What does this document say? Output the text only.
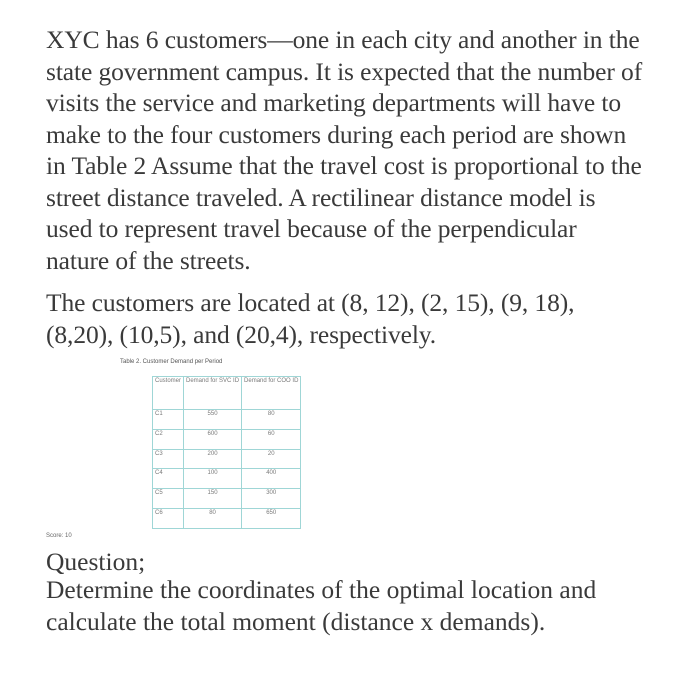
XYC has 6 customers—one in each city and another in the state government campus. It is expected that the number of visits the service and marketing departments will have to make to the four customers during each period are shown in Table 2 Assume that the travel cost is proportional to the street distance traveled. A rectilinear distance model is used to represent travel because of the perpendicular nature of the streets.

The customers are located at (8, 12), (2, 15), (9, 18), (8,20), (10,5), and (20,4), respectively.

Table 2. Customer Demand per Period
Customer	Demand for SVC ID	Demand for COO ID
C1	550	80
C2	600	60
C3	200	20
C4	100	400
C5	150	300
C6	80	650
Score: 10

Question;

Determine the coordinates of the optimal location and calculate the total moment (distance x demands).
